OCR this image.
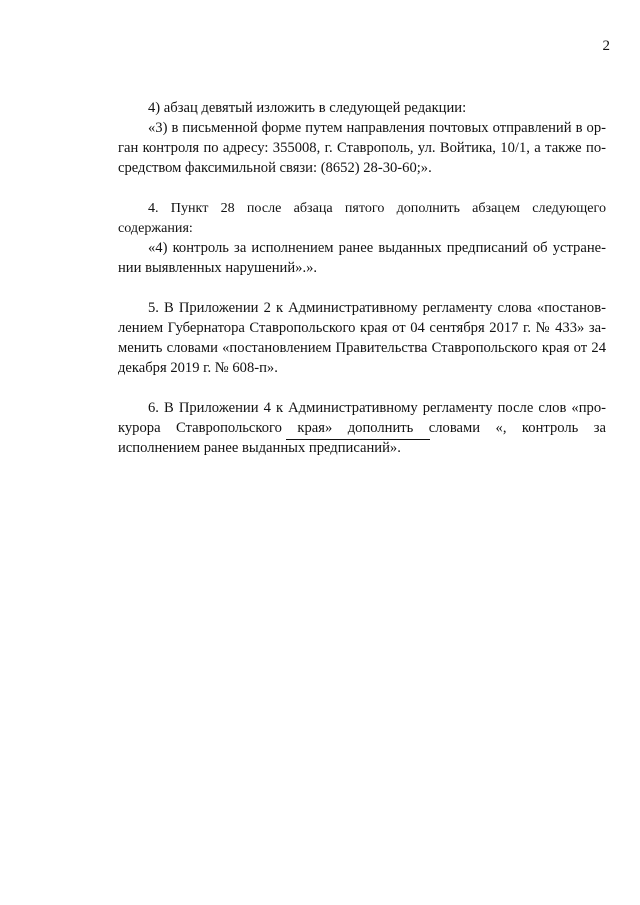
2

4) абзац девятый изложить в следующей редакции:

«3) в письменной форме путем направления почтовых отправлений в орган контроля по адресу: 355008, г. Ставрополь, ул. Войтика, 10/1, а также посредством факсимильной связи: (8652) 28-30-60;».

4. Пункт 28 после абзаца пятого дополнить абзацем следующего содержания:

«4) контроль за исполнением ранее выданных предписаний об устранении выявленных нарушений».».

5. В Приложении 2 к Административному регламенту слова «постановлением Губернатора Ставропольского края от 04 сентября 2017 г. № 433» заменить словами «постановлением Правительства Ставропольского края от 24 декабря 2019 г. № 608-п».

6. В Приложении 4 к Административному регламенту после слов «прокурора Ставропольского края» дополнить словами «, контроль за исполнением ранее выданных предписаний».
